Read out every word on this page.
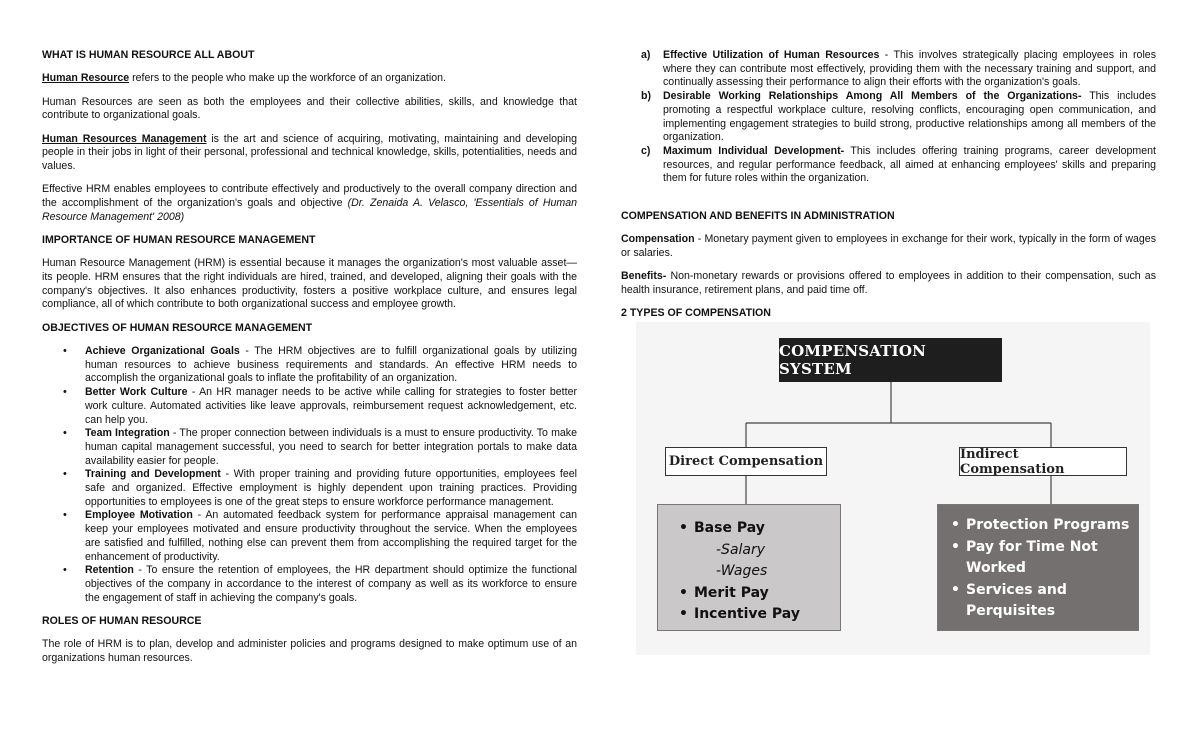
WHAT IS HUMAN RESOURCE ALL ABOUT

Human Resource refers to the people who make up the workforce of an organization.

Human Resources are seen as both the employees and their collective abilities, skills, and knowledge that contribute to organizational goals.

Human Resources Management is the art and science of acquiring, motivating, maintaining and developing people in their jobs in light of their personal, professional and technical knowledge, skills, potentialities, needs and values.

Effective HRM enables employees to contribute effectively and productively to the overall company direction and the accomplishment of the organization's goals and objective (Dr. Zenaida A. Velasco, 'Essentials of Human Resource Management' 2008)

IMPORTANCE OF HUMAN RESOURCE MANAGEMENT

Human Resource Management (HRM) is essential because it manages the organization's most valuable asset—its people. HRM ensures that the right individuals are hired, trained, and developed, aligning their goals with the company's objectives. It also enhances productivity, fosters a positive workplace culture, and ensures legal compliance, all of which contribute to both organizational success and employee growth.

OBJECTIVES OF HUMAN RESOURCE MANAGEMENT
• Achieve Organizational Goals - The HRM objectives are to fulfill organizational goals by utilizing human resources to achieve business requirements and standards. An effective HRM needs to accomplish the organizational goals to inflate the profitability of an organization.
• Better Work Culture - An HR manager needs to be active while calling for strategies to foster better work culture. Automated activities like leave approvals, reimbursement request acknowledgement, etc. can help you.
• Team Integration - The proper connection between individuals is a must to ensure productivity. To make human capital management successful, you need to search for better integration portals to make data availability easier for people.
• Training and Development - With proper training and providing future opportunities, employees feel safe and organized. Effective employment is highly dependent upon training practices. Providing opportunities to employees is one of the great steps to ensure workforce performance management.
• Employee Motivation - An automated feedback system for performance appraisal management can keep your employees motivated and ensure productivity throughout the service. When the employees are satisfied and fulfilled, nothing else can prevent them from accomplishing the required target for the enhancement of productivity.
• Retention - To ensure the retention of employees, the HR department should optimize the functional objectives of the company in accordance to the interest of company as well as its workforce to ensure the engagement of staff in achieving the company's goals.
ROLES OF HUMAN RESOURCE

The role of HRM is to plan, develop and administer policies and programs designed to make optimum use of an organizations human resources.

a) Effective Utilization of Human Resources - This involves strategically placing employees in roles where they can contribute most effectively, providing them with the necessary training and support, and continually assessing their performance to align their efforts with the organization's goals.
b) Desirable Working Relationships Among All Members of the Organizations- This includes promoting a respectful workplace culture, resolving conflicts, encouraging open communication, and implementing engagement strategies to build strong, productive relationships among all members of the organization.
c) Maximum Individual Development- This includes offering training programs, career development resources, and regular performance feedback, all aimed at enhancing employees' skills and preparing them for future roles within the organization.
COMPENSATION AND BENEFITS IN ADMINISTRATION

Compensation - Monetary payment given to employees in exchange for their work, typically in the form of wages or salaries.

Benefits- Non-monetary rewards or provisions offered to employees in addition to their compensation, such as health insurance, retirement plans, and paid time off.

2 TYPES OF COMPENSATION
COMPENSATION SYSTEM
Direct Compensation	Indirect Compensation
• Base Pay
-Salary
-Wages
• Merit Pay
• Incentive Pay
• Protection Programs
• Pay for Time Not
Worked
• Services and
Perquisites
